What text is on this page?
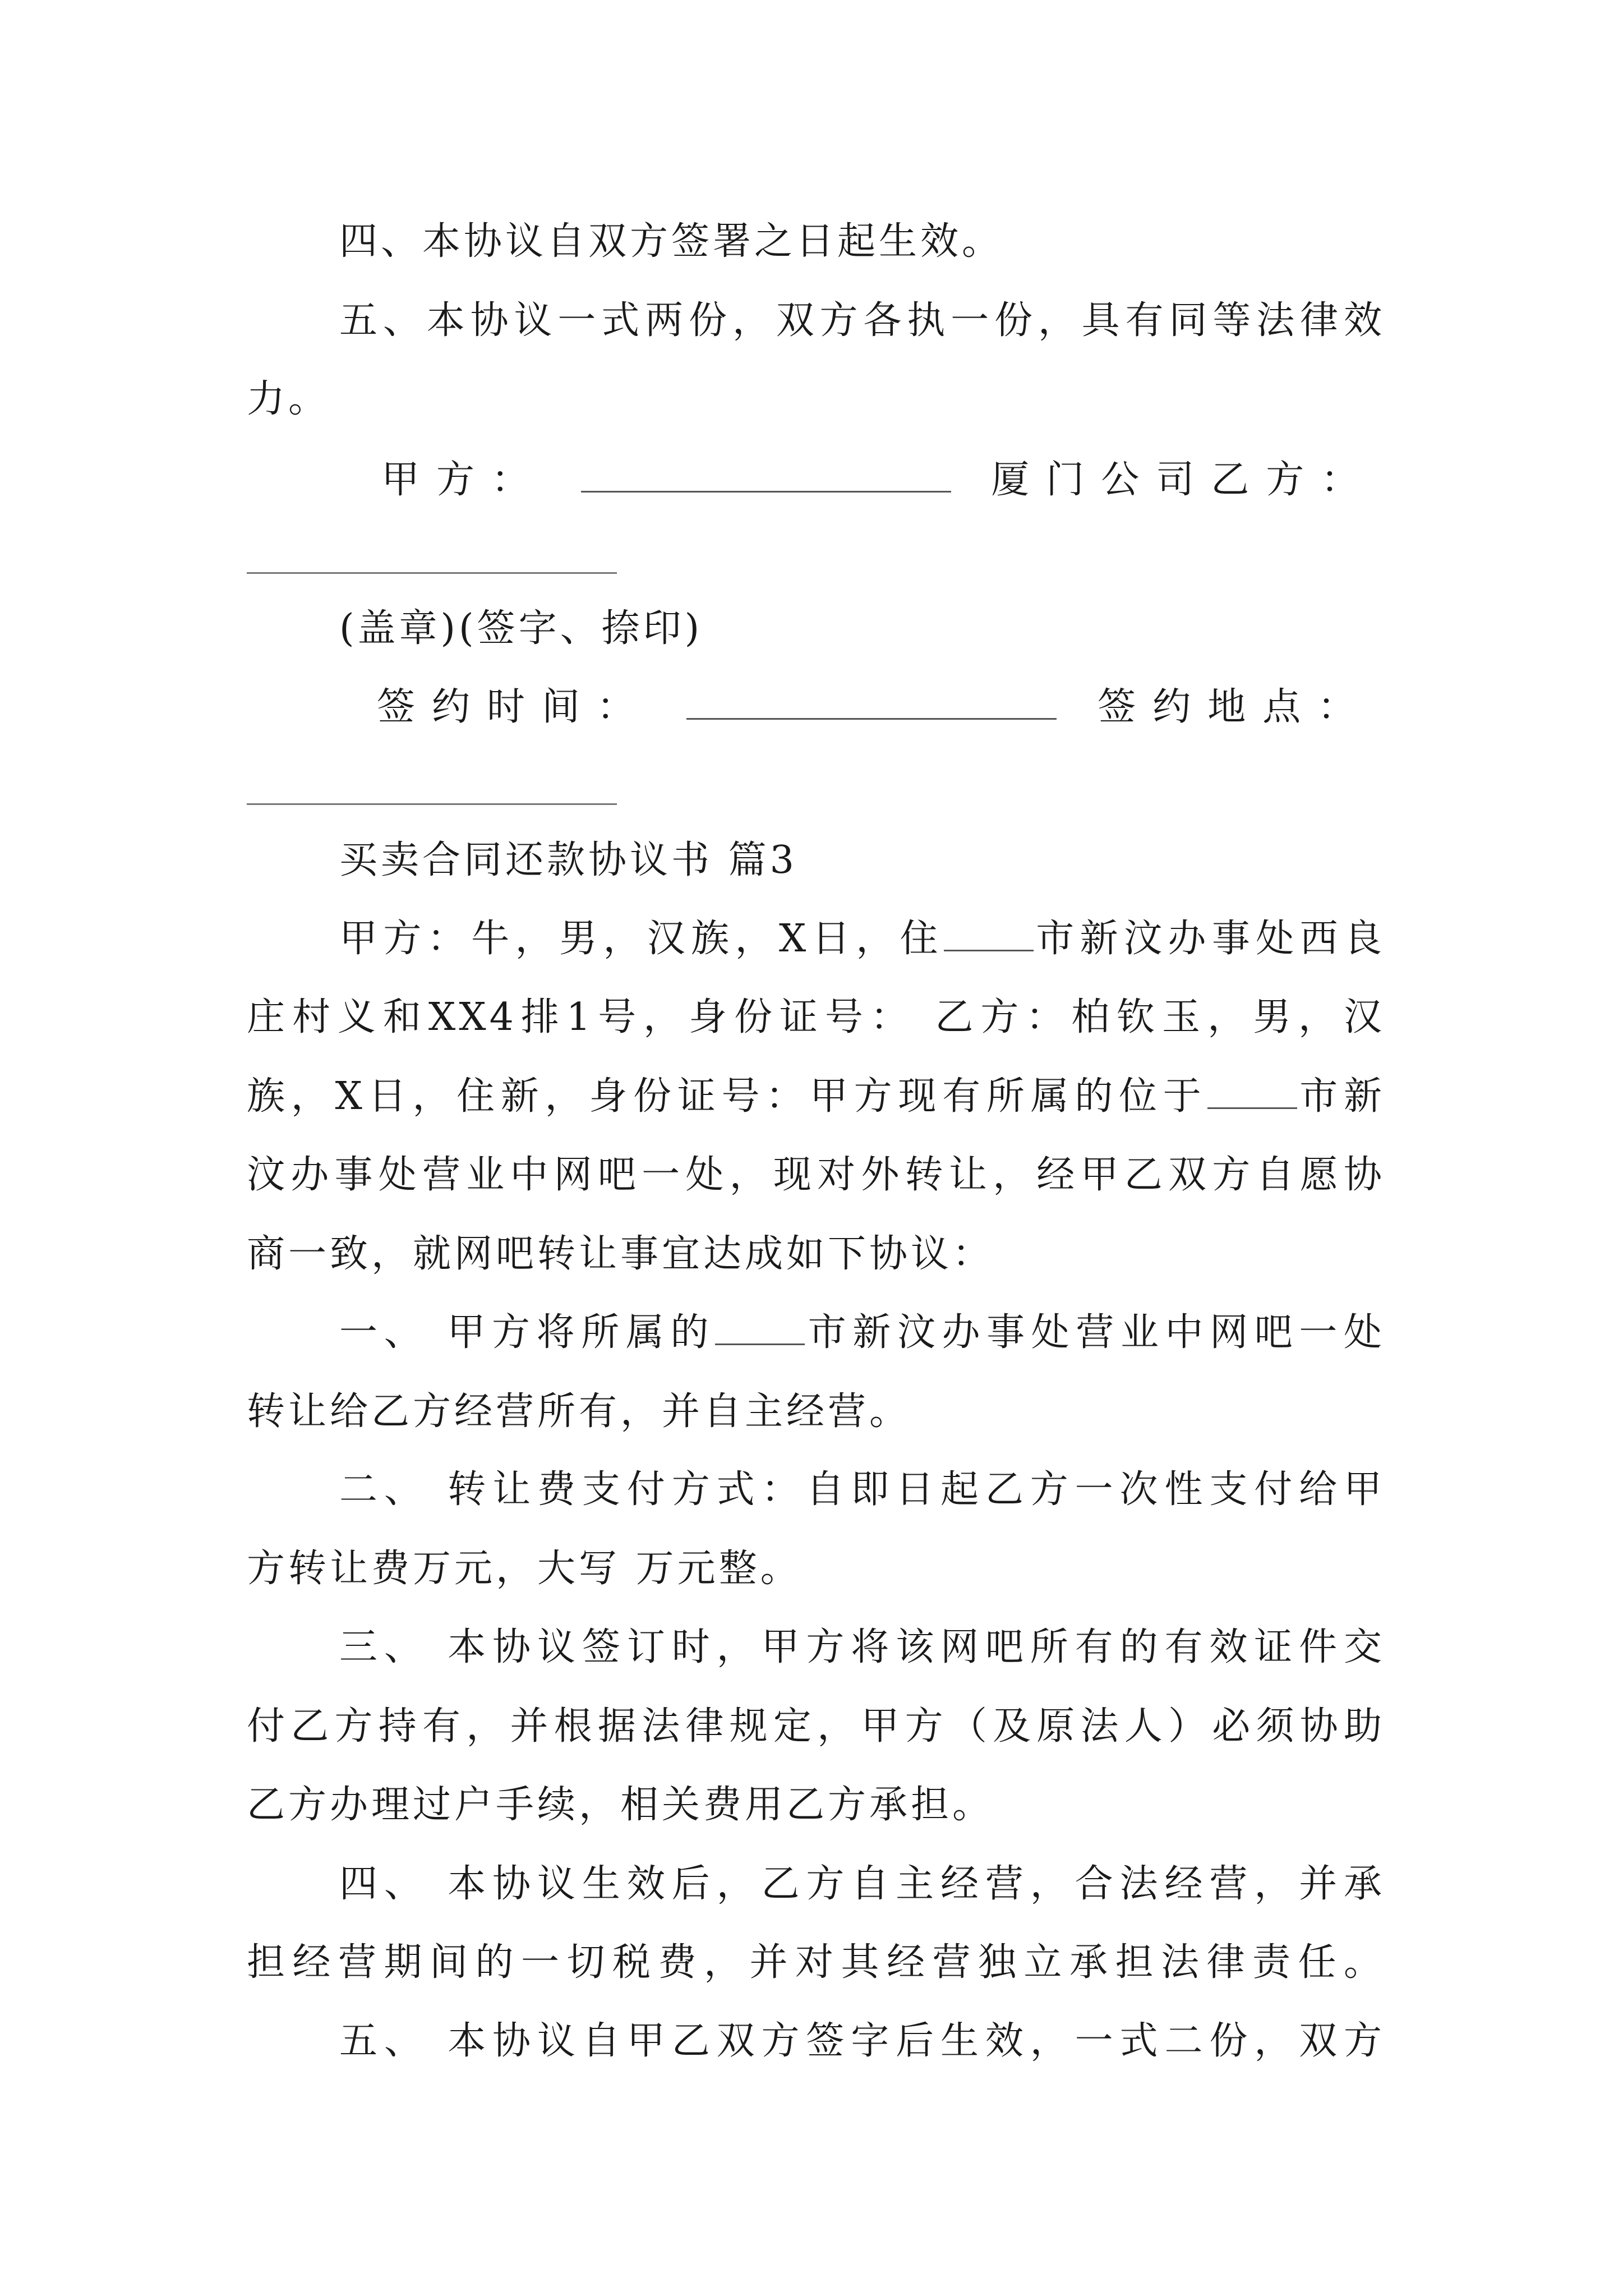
四、本协议自双方签署之日起生效。
五、本协议一式两份，双方各执一份，具有同等法律效
力。
甲方：	厦门公司乙方：
(盖章)(签字、捺印)
签约时间：	签约地点：
买卖合同还款协议书 篇3
甲方：牛，男，汉族，X日，住 市新汶办事处西良
庄村义和XX4排1号，身份证号： 乙方：柏钦玉，男，汉
族，X日，住新，身份证号：甲方现有所属的位于 市新
汶办事处营业中网吧一处，现对外转让，经甲乙双方自愿协
商一致，就网吧转让事宜达成如下协议：
一、 甲方将所属的 市新汶办事处营业中网吧一处
转让给乙方经营所有，并自主经营。
二、 转让费支付方式：自即日起乙方一次性支付给甲
方转让费万元，大写 万元整。
三、 本协议签订时，甲方将该网吧所有的有效证件交
付乙方持有，并根据法律规定，甲方（及原法人）必须协助
乙方办理过户手续，相关费用乙方承担。
四、 本协议生效后，乙方自主经营，合法经营，并承
担经营期间的一切税费，并对其经营独立承担法律责任。
五、 本协议自甲乙双方签字后生效，一式二份，双方
